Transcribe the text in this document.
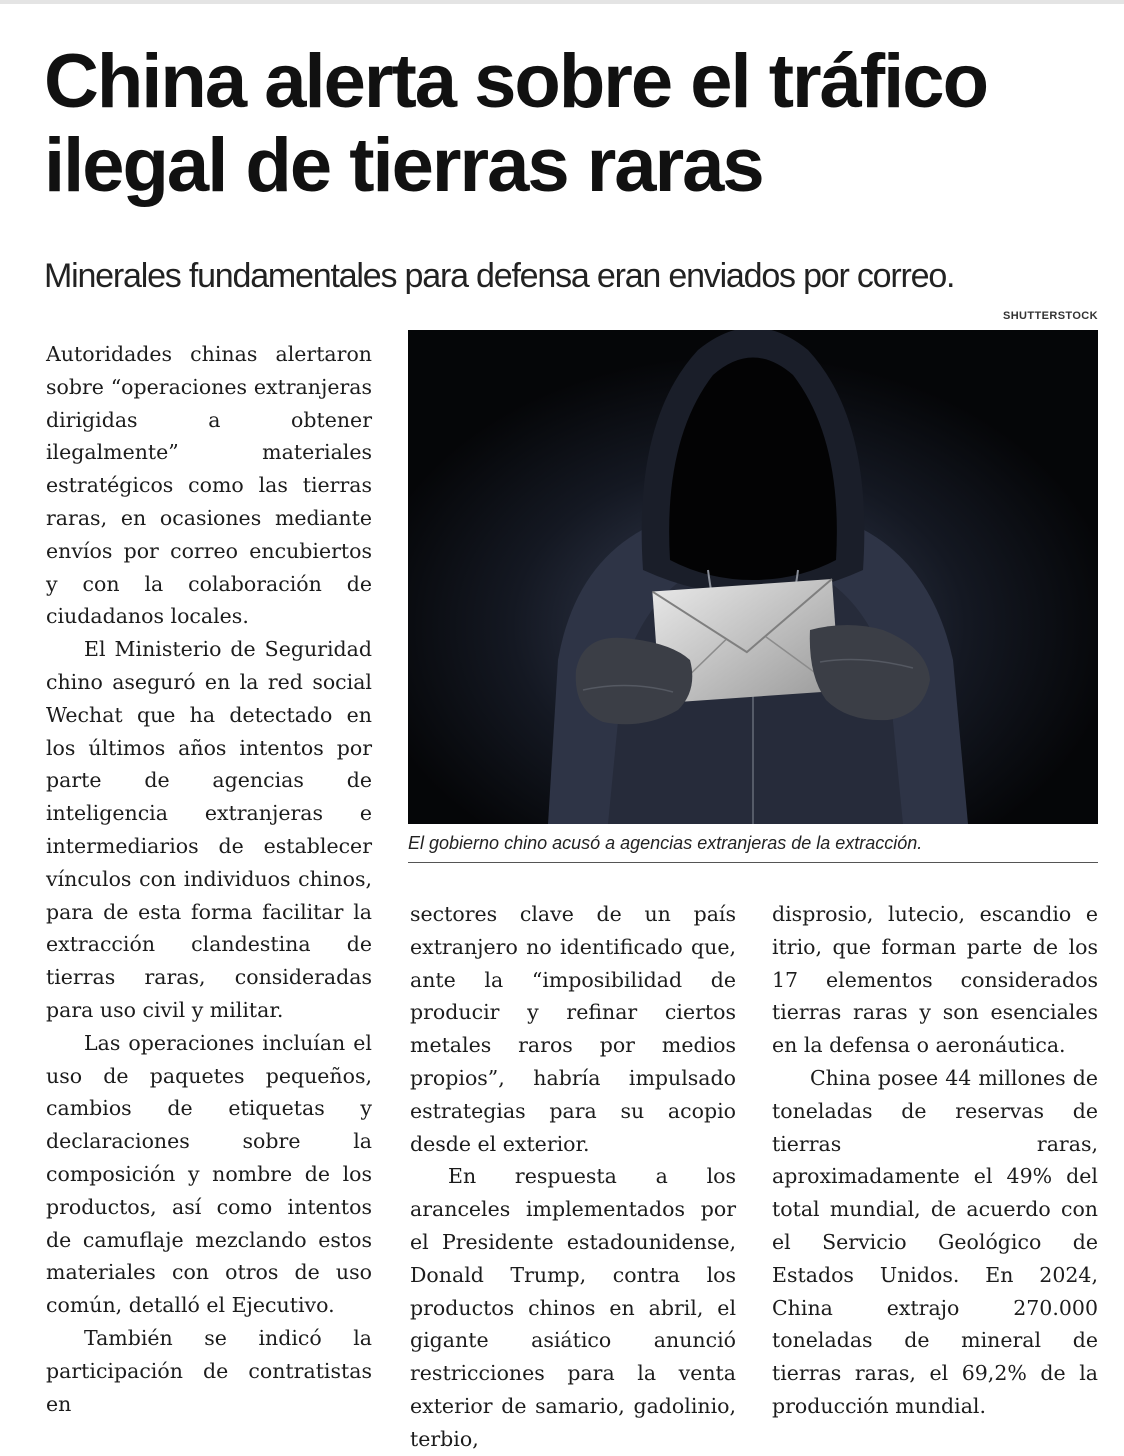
China alerta sobre el tráfico ilegal de tierras raras
Minerales fundamentales para defensa eran enviados por correo.
SHUTTERSTOCK

El gobierno chino acusó a agencias extranjeras de la extracción.

Autoridades chinas alertaron sobre “operaciones extranjeras dirigidas a obtener ilegalmente” materiales estratégicos como las tierras raras, en ocasiones mediante envíos por correo encubiertos y con la colaboración de ciudadanos locales.

El Ministerio de Seguridad chino aseguró en la red social Wechat que ha detectado en los últimos años intentos por parte de agencias de inteligencia extranjeras e intermediarios de establecer vínculos con individuos chinos, para de esta forma facilitar la extracción clandestina de tierras raras, consideradas para uso civil y militar.

Las operaciones incluían el uso de paquetes pequeños, cambios de etiquetas y declaraciones sobre la composición y nombre de los productos, así como intentos de camuflaje mezclando estos materiales con otros de uso común, detalló el Ejecutivo.

También se indicó la participación de contratistas en

sectores clave de un país extranjero no identificado que, ante la “imposibilidad de producir y refinar ciertos metales raros por medios propios”, habría impulsado estrategias para su acopio desde el exterior.

En respuesta a los aranceles implementados por el Presidente estadounidense, Donald Trump, contra los productos chinos en abril, el gigante asiático anunció restricciones para la venta exterior de samario, gadolinio, terbio,

disprosio, lutecio, escandio e itrio, que forman parte de los 17 elementos considerados tierras raras y son esenciales en la defensa o aeronáutica.

China posee 44 millones de toneladas de reservas de tierras raras, aproximadamente el 49% del total mundial, de acuerdo con el Servicio Geológico de Estados Unidos. En 2024, China extrajo 270.000 toneladas de mineral de tierras raras, el 69,2% de la producción mundial.
